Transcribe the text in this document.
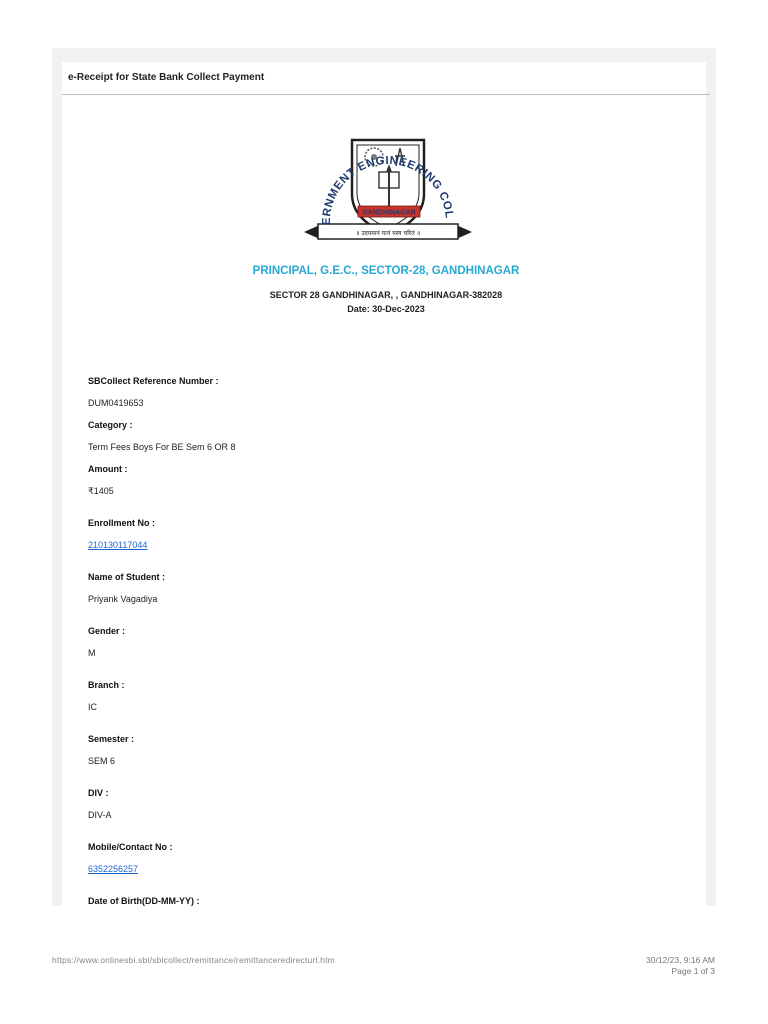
e-Receipt for State Bank Collect Payment
GANDHINAGAR
॥ उदयमानं यत्नं यस्य चरितं ॥
ERNMENT ENGINEERING COL
PRINCIPAL, G.E.C., SECTOR-28, GANDHINAGAR
SECTOR 28 GANDHINAGAR, , GANDHINAGAR-382028
Date: 30-Dec-2023
SBCollect Reference Number :
DUM0419653
Category :
Term Fees Boys For BE Sem 6 OR 8
Amount :
₹1405
Enrollment No :
210130117044
Name of Student :
Priyank Vagadiya
Gender :
M
Branch :
IC
Semester :
SEM 6
DIV :
DIV-A
Mobile/Contact No :
6352256257
Date of Birth(DD-MM-YY) :
https://www.onlinesbi.sbi/sbicollect/remittance/remittanceredirecturl.htm	30/12/23, 9:16 AM
Page 1 of 3
